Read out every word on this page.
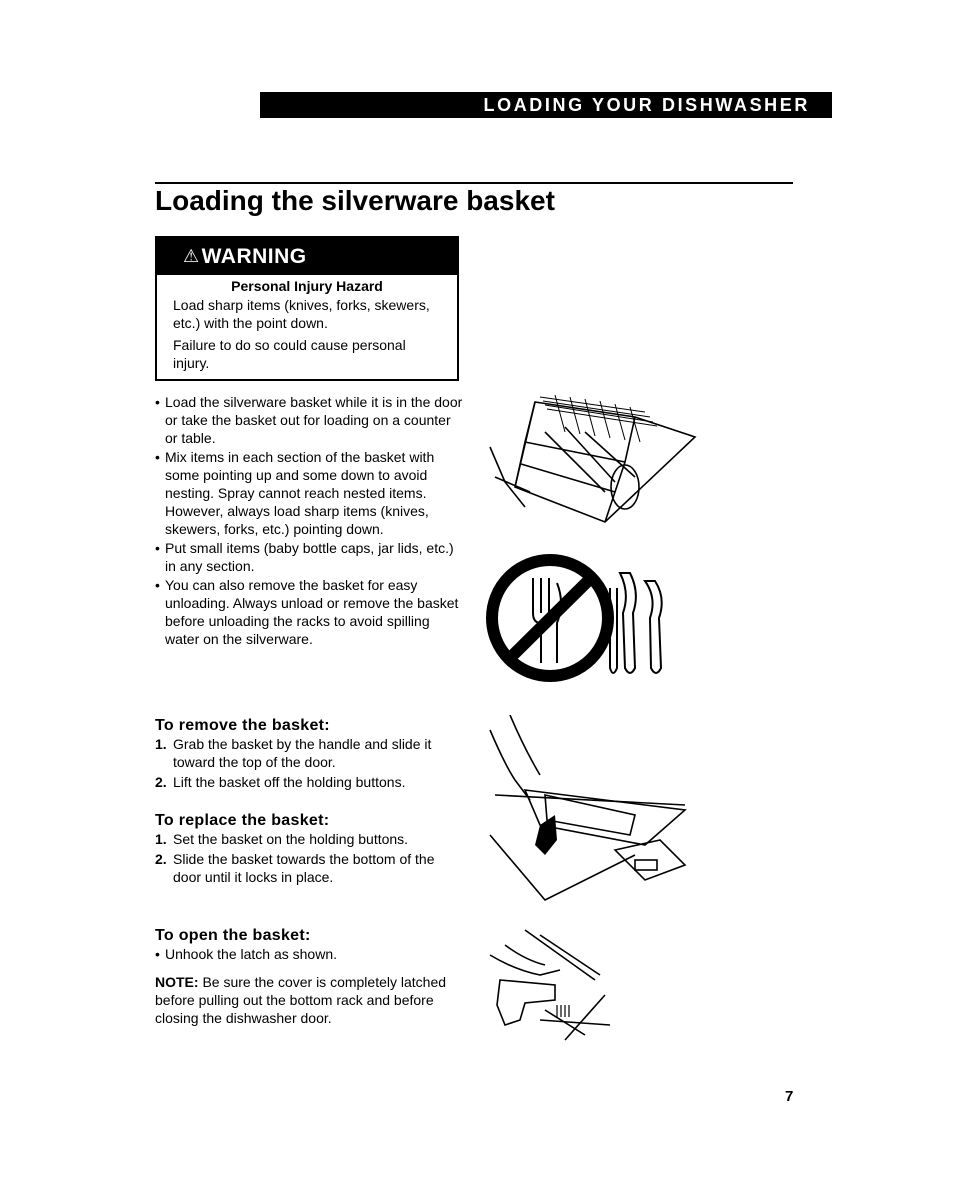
LOADING YOUR DISHWASHER
Loading the silverware basket
⚠ WARNING
Personal Injury Hazard

Load sharp items (knives, forks, skewers, etc.) with the point down.

Failure to do so could cause personal injury.

• Load the silverware basket while it is in the door or take the basket out for loading on a counter or table.
• Mix items in each section of the basket with some pointing up and some down to avoid nesting. Spray cannot reach nested items. However, always load sharp items (knives, skewers, forks, etc.) pointing down.
• Put small items (baby bottle caps, jar lids, etc.) in any section.
• You can also remove the basket for easy unloading. Always unload or remove the basket before unloading the racks to avoid spilling water on the silverware.
To remove the basket:
1. Grab the basket by the handle and slide it toward the top of the door.
2. Lift the basket off the holding buttons.
To replace the basket:
1. Set the basket on the holding buttons.
2. Slide the basket towards the bottom of the door until it locks in place.
To open the basket:
• Unhook the latch as shown.
NOTE: Be sure the cover is completely latched before pulling out the bottom rack and before closing the dishwasher door.
7
